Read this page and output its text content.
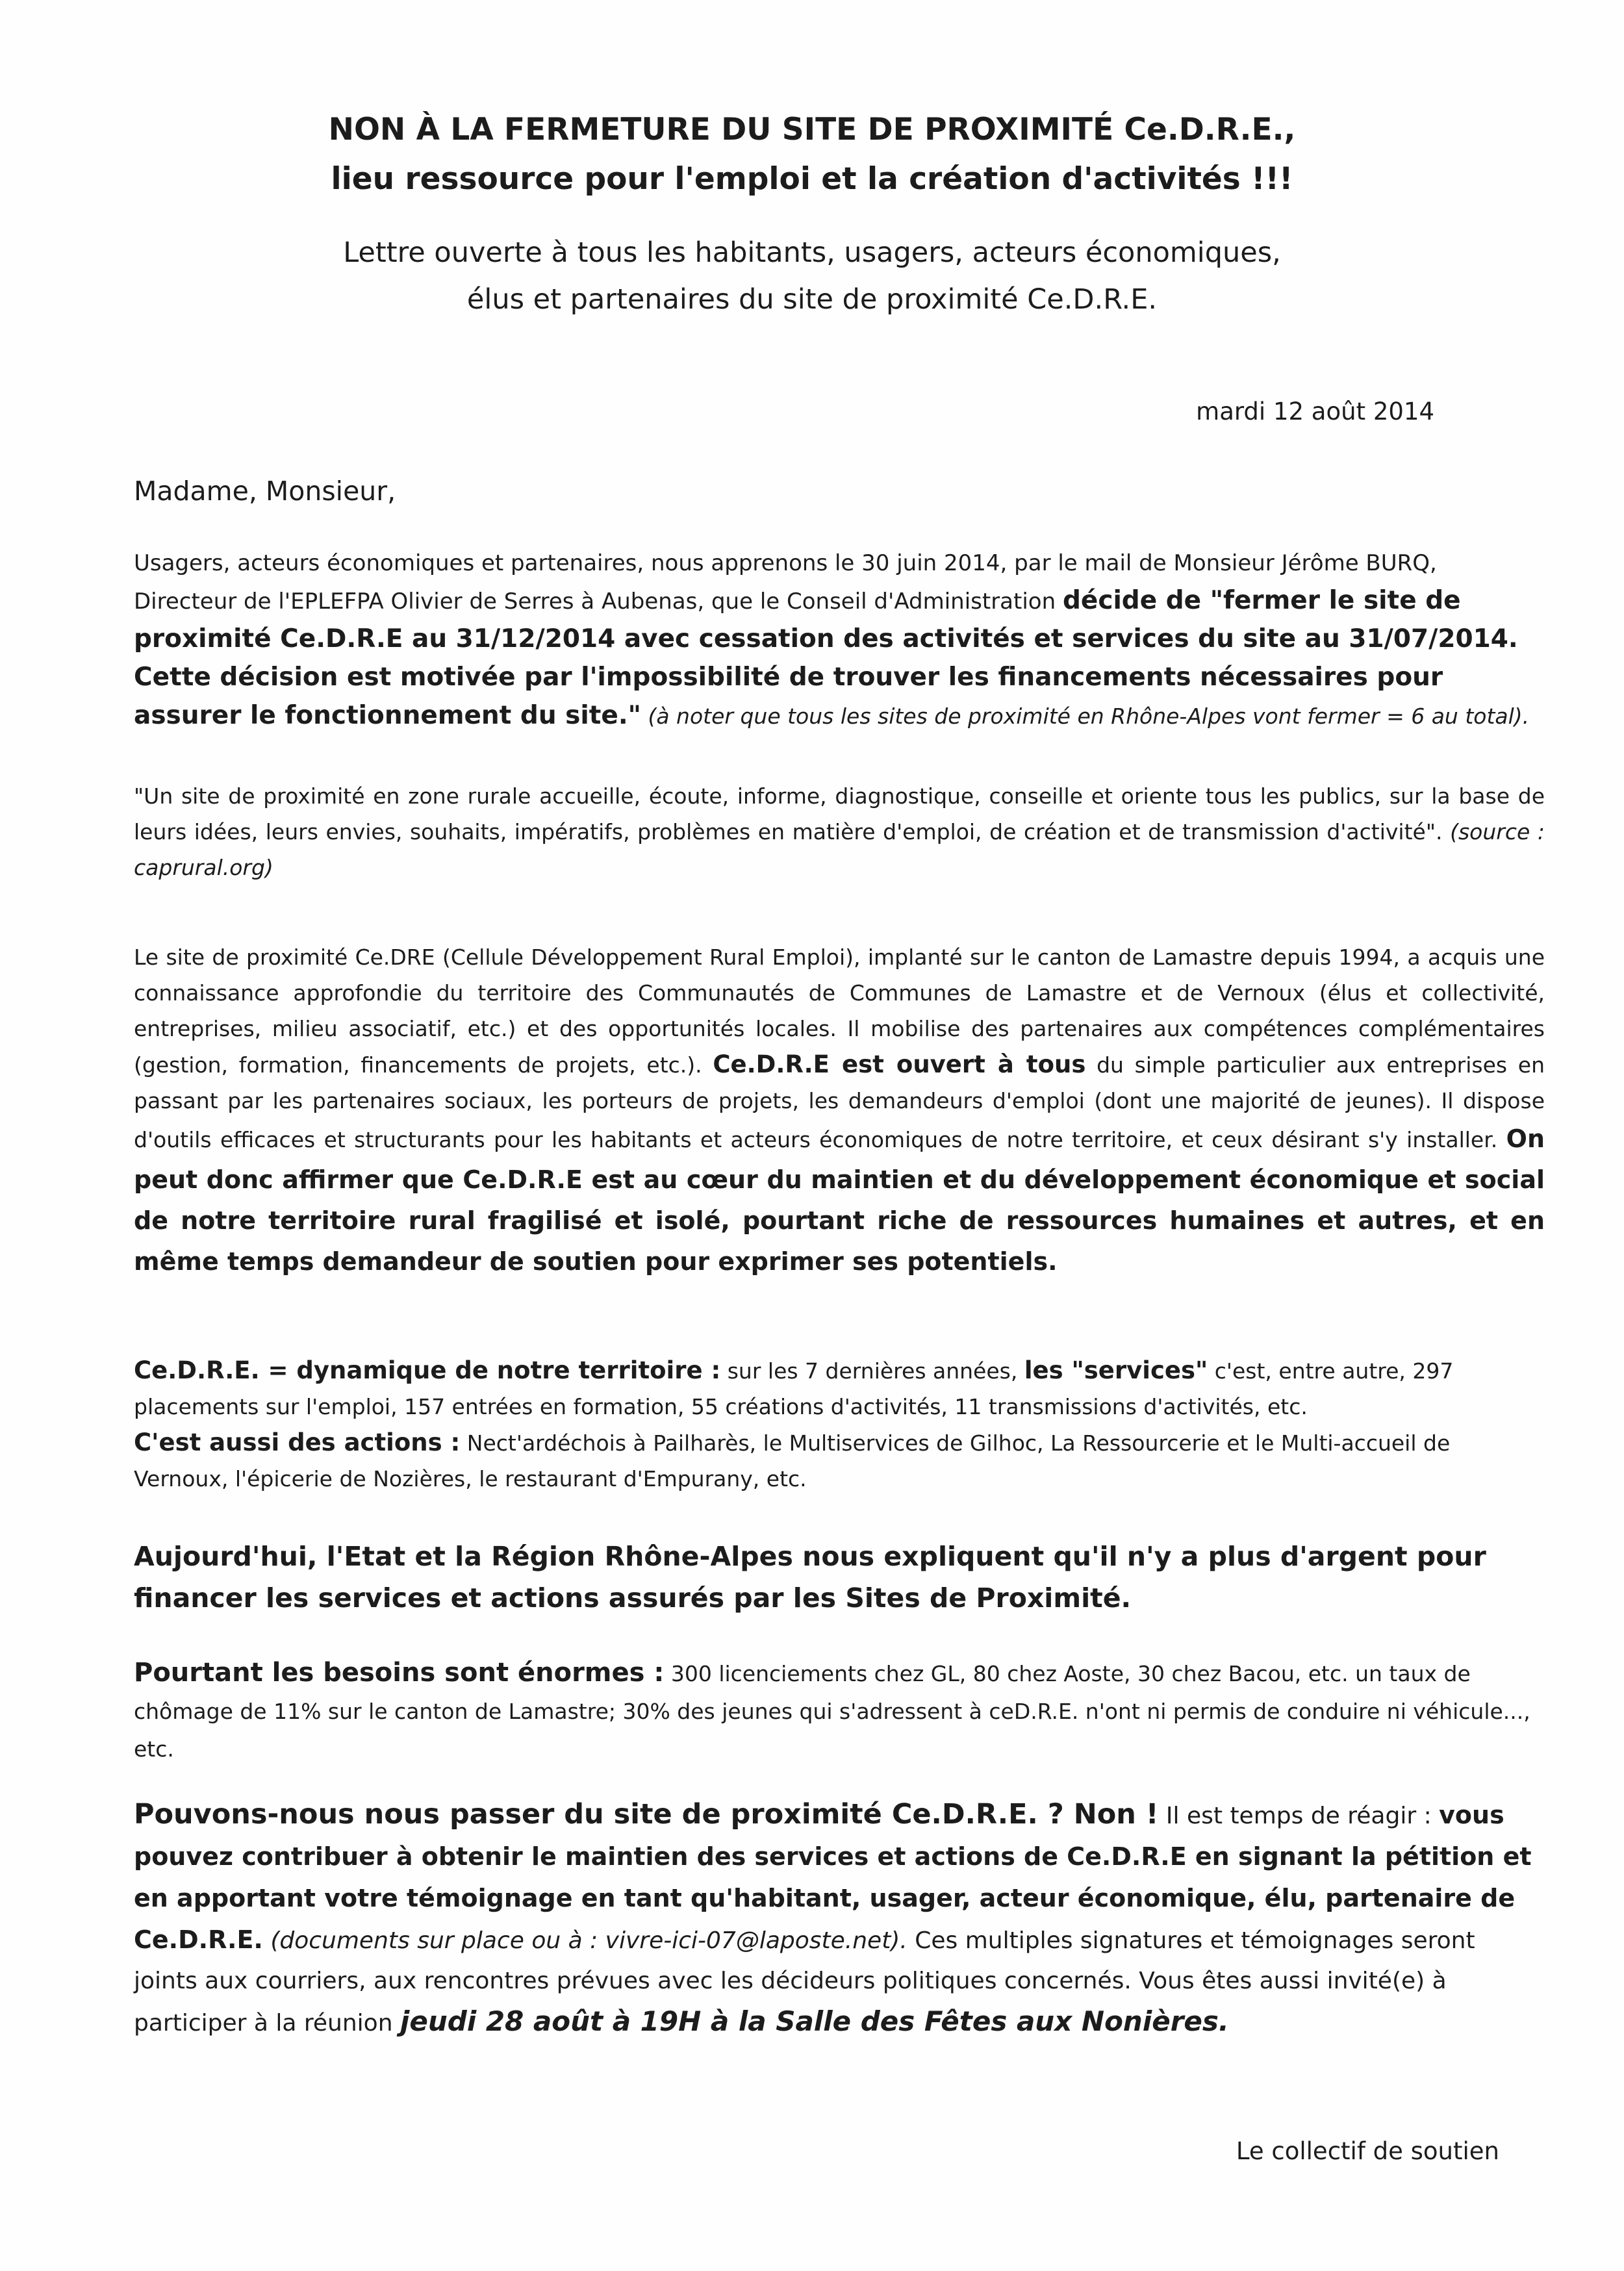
NON À LA FERMETURE DU SITE DE PROXIMITÉ Ce.D.R.E.,
lieu ressource pour l'emploi et la création d'activités !!!
Lettre ouverte à tous les habitants, usagers, acteurs économiques,
élus et partenaires du site de proximité Ce.D.R.E.
mardi 12 août 2014
Madame, Monsieur,

Usagers, acteurs économiques et partenaires, nous apprenons le 30 juin 2014, par le mail de Monsieur Jérôme BURQ, Directeur de l'EPLEFPA Olivier de Serres à Aubenas, que le Conseil d'Administration décide de "fermer le site de proximité Ce.D.R.E au 31/12/2014 avec cessation des activités et services du site au 31/07/2014. Cette décision est motivée par l'impossibilité de trouver les financements nécessaires pour assurer le fonctionnement du site." (à noter que tous les sites de proximité en Rhône-Alpes vont fermer = 6 au total).

"Un site de proximité en zone rurale accueille, écoute, informe, diagnostique, conseille et oriente tous les publics, sur la base de leurs idées, leurs envies, souhaits, impératifs, problèmes en matière d'emploi, de création et de transmission d'activité". (source : caprural.org)

Le site de proximité Ce.DRE (Cellule Développement Rural Emploi), implanté sur le canton de Lamastre depuis 1994, a acquis une connaissance approfondie du territoire des Communautés de Communes de Lamastre et de Vernoux (élus et collectivité, entreprises, milieu associatif, etc.) et des opportunités locales. Il mobilise des partenaires aux compétences complémentaires (gestion, formation, financements de projets, etc.). Ce.D.R.E est ouvert à tous du simple particulier aux entreprises en passant par les partenaires sociaux, les porteurs de projets, les demandeurs d'emploi (dont une majorité de jeunes). Il dispose d'outils efficaces et structurants pour les habitants et acteurs économiques de notre territoire, et ceux désirant s'y installer. On peut donc affirmer que Ce.D.R.E est au cœur du maintien et du développement économique et social de notre territoire rural fragilisé et isolé, pourtant riche de ressources humaines et autres, et en même temps demandeur de soutien pour exprimer ses potentiels.

Ce.D.R.E. = dynamique de notre territoire : sur les 7 dernières années, les "services" c'est, entre autre, 297 placements sur l'emploi, 157 entrées en formation, 55 créations d'activités, 11 transmissions d'activités, etc.
C'est aussi des actions : Nect'ardéchois à Pailharès, le Multiservices de Gilhoc, La Ressourcerie et le Multi-accueil de Vernoux, l'épicerie de Nozières, le restaurant d'Empurany, etc.

Aujourd'hui, l'Etat et la Région Rhône-Alpes nous expliquent qu'il n'y a plus d'argent pour financer les services et actions assurés par les Sites de Proximité.

Pourtant les besoins sont énormes : 300 licenciements chez GL, 80 chez Aoste, 30 chez Bacou, etc. un taux de chômage de 11% sur le canton de Lamastre; 30% des jeunes qui s'adressent à ceD.R.E. n'ont ni permis de conduire ni véhicule..., etc.

Pouvons-nous nous passer du site de proximité Ce.D.R.E. ? Non ! Il est temps de réagir : vous pouvez contribuer à obtenir le maintien des services et actions de Ce.D.R.E en signant la pétition et en apportant votre témoignage en tant qu'habitant, usager, acteur économique, élu, partenaire de Ce.D.R.E. (documents sur place ou à : vivre-ici-07@laposte.net). Ces multiples signatures et témoignages seront joints aux courriers, aux rencontres prévues avec les décideurs politiques concernés. Vous êtes aussi invité(e) à participer à la réunion jeudi 28 août à 19H à la Salle des Fêtes aux Nonières.

Le collectif de soutien
